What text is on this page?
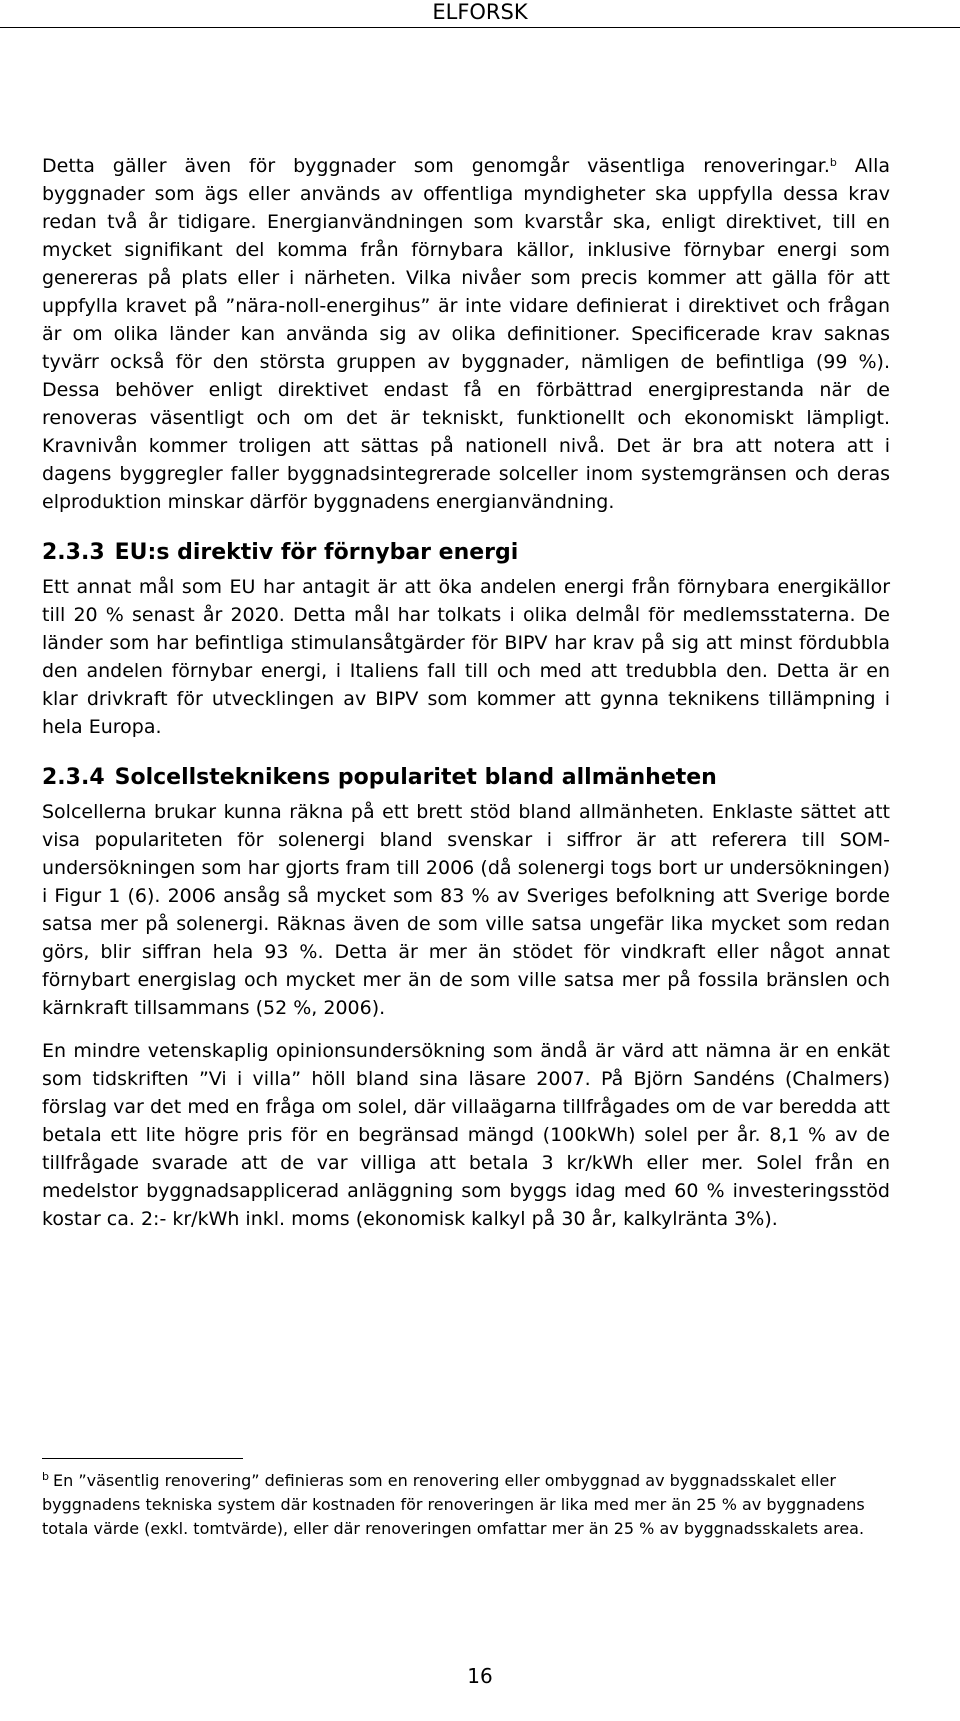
ELFORSK

Detta gäller även för byggnader som genomgår väsentliga renoveringar.$^b$ Alla byggnader som ägs eller används av offentliga myndigheter ska uppfylla dessa krav redan två år tidigare. Energianvändningen som kvarstår ska, enligt direktivet, till en mycket signifikant del komma från förnybara källor, inklusive förnybar energi som genereras på plats eller i närheten. Vilka nivåer som precis kommer att gälla för att uppfylla kravet på ”nära-noll-energihus” är inte vidare definierat i direktivet och frågan är om olika länder kan använda sig av olika definitioner. Specificerade krav saknas tyvärr också för den största gruppen av byggnader, nämligen de befintliga (99 %). Dessa behöver enligt direktivet endast få en förbättrad energiprestanda när de renoveras väsentligt och om det är tekniskt, funktionellt och ekonomiskt lämpligt. Kravnivån kommer troligen att sättas på nationell nivå. Det är bra att notera att i dagens byggregler faller byggnadsintegrerade solceller inom systemgränsen och deras elproduktion minskar därför byggnadens energianvändning.

2.3.3 EU:s direktiv för förnybar energi

Ett annat mål som EU har antagit är att öka andelen energi från förnybara energikällor till 20 % senast år 2020. Detta mål har tolkats i olika delmål för medlemsstaterna. De länder som har befintliga stimulansåtgärder för BIPV har krav på sig att minst fördubbla den andelen förnybar energi, i Italiens fall till och med att tredubbla den. Detta är en klar drivkraft för utvecklingen av BIPV som kommer att gynna teknikens tillämpning i hela Europa.

2.3.4 Solcellsteknikens popularitet bland allmänheten

Solcellerna brukar kunna räkna på ett brett stöd bland allmänheten. Enklaste sättet att visa populariteten för solenergi bland svenskar i siffror är att referera till SOM-undersökningen som har gjorts fram till 2006 (då solenergi togs bort ur undersökningen) i Figur 1 (6). 2006 ansåg så mycket som 83 % av Sveriges befolkning att Sverige borde satsa mer på solenergi. Räknas även de som ville satsa ungefär lika mycket som redan görs, blir siffran hela 93 %. Detta är mer än stödet för vindkraft eller något annat förnybart energislag och mycket mer än de som ville satsa mer på fossila bränslen och kärnkraft tillsammans (52 %, 2006).

En mindre vetenskaplig opinionsundersökning som ändå är värd att nämna är en enkät som tidskriften ”Vi i villa” höll bland sina läsare 2007. På Björn Sandéns (Chalmers) förslag var det med en fråga om solel, där villaägarna tillfrågades om de var beredda att betala ett lite högre pris för en begränsad mängd (100kWh) solel per år. 8,1 % av de tillfrågade svarade att de var villiga att betala 3 kr/kWh eller mer. Solel från en medelstor byggnadsapplicerad anläggning som byggs idag med 60 % investeringsstöd kostar ca. 2:- kr/kWh inkl. moms (ekonomisk kalkyl på 30 år, kalkylränta 3%).

$^b$ En ”väsentlig renovering” definieras som en renovering eller ombyggnad av byggnadsskalet eller byggnadens tekniska system där kostnaden för renoveringen är lika med mer än 25 % av byggnadens totala värde (exkl. tomtvärde), eller där renoveringen omfattar mer än 25 % av byggnadsskalets area.

16
